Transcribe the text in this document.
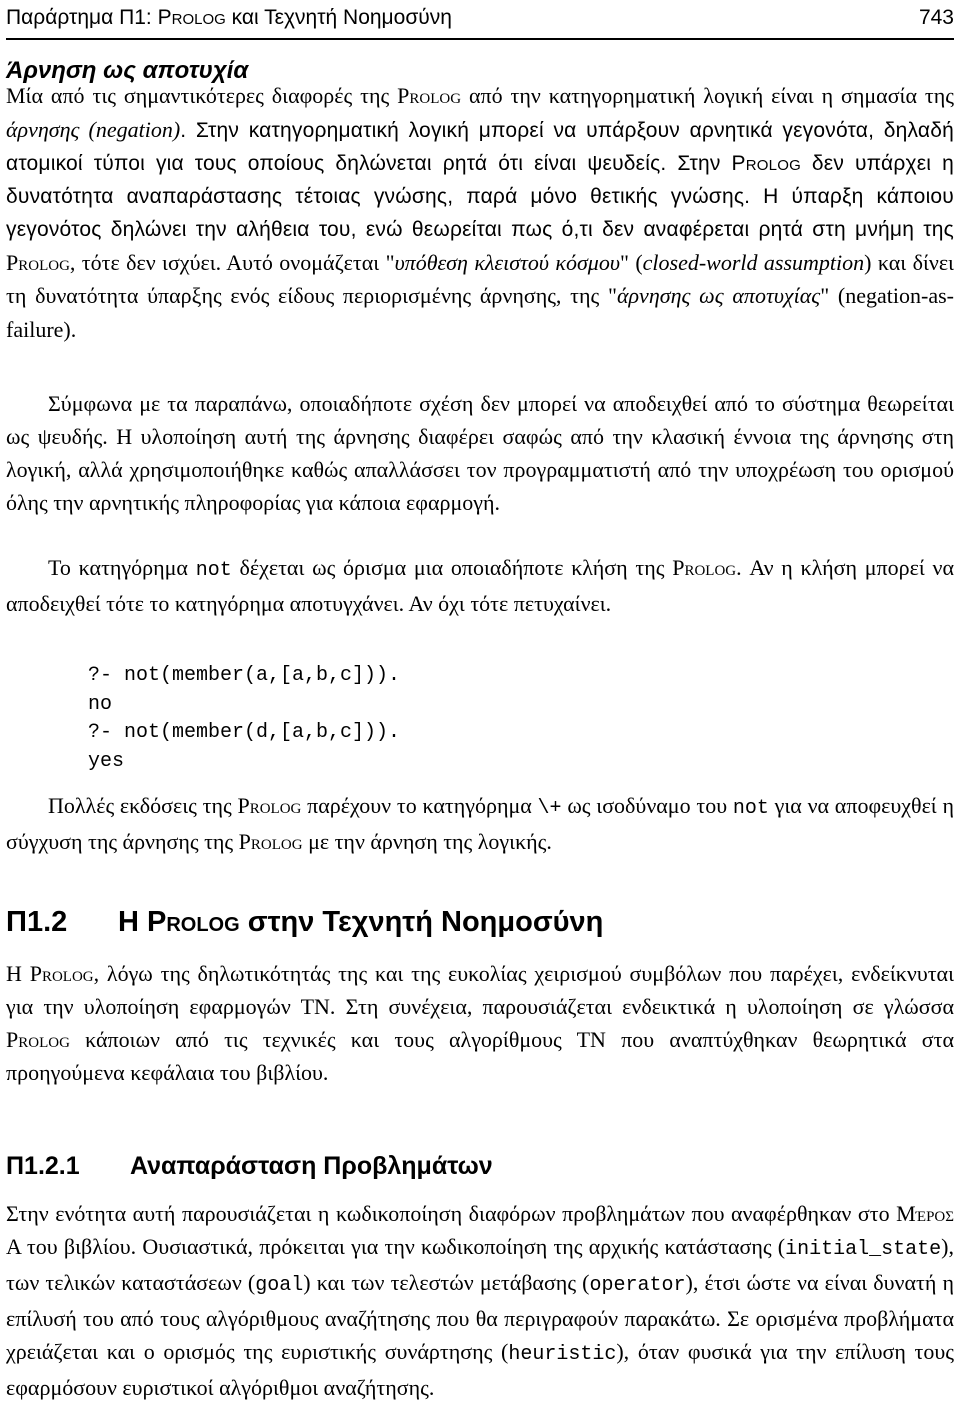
Παράρτημα Π1: Prolog και Τεχνητή Νοημοσύνη	743
Άρνηση ως αποτυχία

Μία από τις σημαντικότερες διαφορές της Prolog από την κατηγορηματική λογική είναι η σημασία της άρνησης (negation). Στην κατηγορηματική λογική μπορεί να υπάρξουν αρνητικά γεγονότα, δηλαδή ατομικοί τύποι για τους οποίους δηλώνεται ρητά ότι είναι ψευδείς. Στην Prolog δεν υπάρχει η δυνατότητα αναπαράστασης τέτοιας γνώσης, παρά μόνο θετικής γνώσης. Η ύπαρξη κάποιου γεγονότος δηλώνει την αλήθεια του, ενώ θεωρείται πως ό,τι δεν αναφέρεται ρητά στη μνήμη της Prolog, τότε δεν ισχύει. Αυτό ονομάζεται "υπόθεση κλειστού κόσμου" (closed-world assumption) και δίνει τη δυνατότητα ύπαρξης ενός είδους περιορισμένης άρνησης, της "άρνησης ως αποτυχίας" (negation-as-failure).

Σύμφωνα με τα παραπάνω, οποιαδήποτε σχέση δεν μπορεί να αποδειχθεί από το σύστημα θεωρείται ως ψευδής. Η υλοποίηση αυτή της άρνησης διαφέρει σαφώς από την κλασική έννοια της άρνησης στη λογική, αλλά χρησιμοποιήθηκε καθώς απαλλάσσει τον προγραμματιστή από την υποχρέωση του ορισμού όλης την αρνητικής πληροφορίας για κάποια εφαρμογή.

Το κατηγόρημα not δέχεται ως όρισμα μια οποιαδήποτε κλήση της Prolog. Αν η κλήση μπορεί να αποδειχθεί τότε το κατηγόρημα αποτυγχάνει. Αν όχι τότε πετυχαίνει.

?- not(member(a,[a,b,c])).
no
?- not(member(d,[a,b,c])).
yes

Πολλές εκδόσεις της Prolog παρέχουν το κατηγόρημα \+ ως ισοδύναμο του not για να αποφευχθεί η σύγχυση της άρνησης της Prolog με την άρνηση της λογικής.

Π1.2 Η Prolog στην Τεχνητή Νοημοσύνη

Η Prolog, λόγω της δηλωτικότητάς της και της ευκολίας χειρισμού συμβόλων που παρέχει, ενδείκνυται για την υλοποίηση εφαρμογών ΤΝ. Στη συνέχεια, παρουσιάζεται ενδεικτικά η υλοποίηση σε γλώσσα Prolog κάποιων από τις τεχνικές και τους αλγορίθμους ΤΝ που αναπτύχθηκαν θεωρητικά στα προηγούμενα κεφάλαια του βιβλίου.

Π1.2.1 Αναπαράσταση Προβλημάτων

Στην ενότητα αυτή παρουσιάζεται η κωδικοποίηση διαφόρων προβλημάτων που αναφέρθηκαν στο Μέρος Α του βιβλίου. Ουσιαστικά, πρόκειται για την κωδικοποίηση της αρχικής κατάστασης (initial_state), των τελικών καταστάσεων (goal) και των τελεστών μετάβασης (operator), έτσι ώστε να είναι δυνατή η επίλυσή του από τους αλγόριθμους αναζήτησης που θα περιγραφούν παρακάτω. Σε ορισμένα προβλήματα χρειάζεται και ο ορισμός της ευριστικής συνάρτησης (heuristic), όταν φυσικά για την επίλυση τους εφαρμόσουν ευριστικοί αλγόριθμοι αναζήτησης.
